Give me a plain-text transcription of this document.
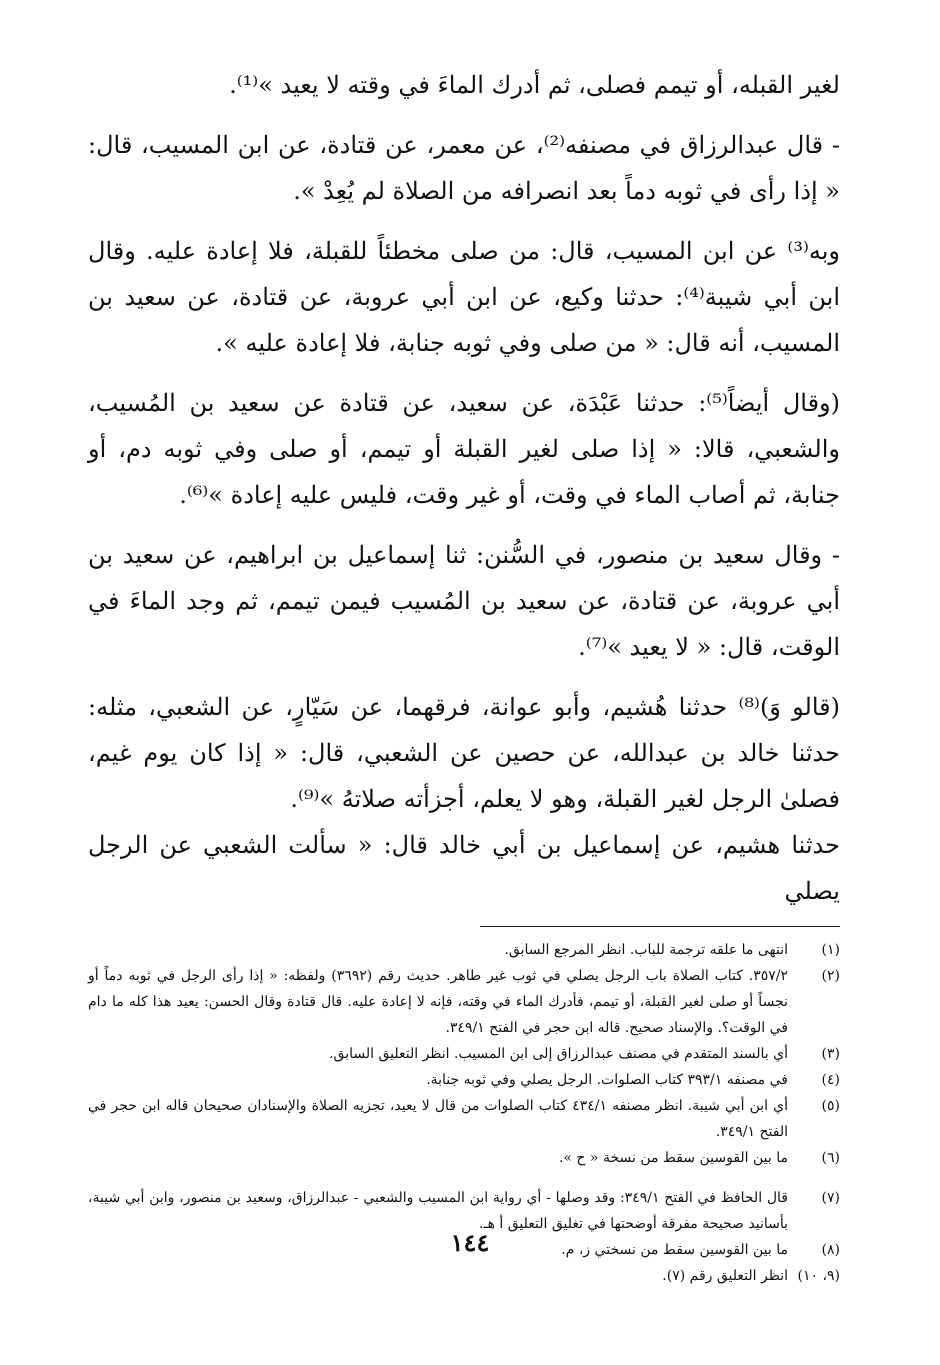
لغير القبله، أو تيمم فصلى، ثم أدرك الماءَ في وقته لا يعيد »⁽¹⁾.

- قال عبدالرزاق في مصنفه⁽²⁾، عن معمر، عن قتادة، عن ابن المسيب، قال: « إذا رأى في ثوبه دماً بعد انصرافه من الصلاة لم يُعِدْ ».

وبه⁽³⁾ عن ابن المسيب، قال: من صلى مخطئاً للقبلة، فلا إعادة عليه. وقال ابن أبي شيبة⁽⁴⁾: حدثنا وكيع، عن ابن أبي عروبة، عن قتادة، عن سعيد بن المسيب، أنه قال: « من صلى وفي ثوبه جنابة، فلا إعادة عليه ».

(وقال أيضاً⁽⁵⁾: حدثنا عَبْدَة، عن سعيد، عن قتادة عن سعيد بن المُسيب، والشعبي، قالا: « إذا صلى لغير القبلة أو تيمم، أو صلى وفي ثوبه دم، أو جنابة، ثم أصاب الماء في وقت، أو غير وقت، فليس عليه إعادة »⁽⁶⁾.

- وقال سعيد بن منصور، في السُّنن: ثنا إسماعيل بن ابراهيم، عن سعيد بن أبي عروبة، عن قتادة، عن سعيد بن المُسيب فيمن تيمم، ثم وجد الماءَ في الوقت، قال: « لا يعيد »⁽⁷⁾.

(قالو وَ)⁽⁸⁾ حدثنا هُشيم، وأبو عوانة، فرقهما، عن سَيّارٍ، عن الشعبي، مثله: حدثنا خالد بن عبدالله، عن حصين عن الشعبي، قال: « إذا كان يوم غيم، فصلىٰ الرجل لغير القبلة، وهو لا يعلم، أجزأته صلاتهُ »⁽⁹⁾.

حدثنا هشيم، عن إسماعيل بن أبي خالد قال: « سألت الشعبي عن الرجل يصلي

(١)
انتهى ما علقه ترجمة للباب. انظر المرجع السابق.
(٢)
٣٥٧/٢. كتاب الصلاة باب الرجل يصلي في ثوب غير طاهر. حديث رقم (٣٦٩٢) ولفظه: « إذا رأى الرجل في ثوبه دماً أو نجساً أو صلى لغير القبلة، أو تيمم، فأدرك الماء في وقته، فإنه لا إعادة عليه. قال قتادة وقال الحسن: يعيد هذا كله ما دام في الوقت؟. والإسناد صحيح. قاله ابن حجر في الفتح ٣٤٩/١.
(٣)
أي بالسند المتقدم في مصنف عبدالرزاق إلى ابن المسيب. انظر التعليق السابق.
(٤)
في مصنفه ٣٩٣/١ كتاب الصلوات. الرجل يصلي وفي ثوبه جنابة.
(٥)
أي ابن أبي شيبة. انظر مصنفه ٤٣٤/١ كتاب الصلوات من قال لا يعيد، تجزيه الصلاة والإسنادان صحيحان قاله ابن حجر في الفتح ٣٤٩/١.
(٦)
ما بين القوسين سقط من نسخة « ح ».
(٧)
قال الحافظ في الفتح ٣٤٩/١: وقد وصلها - أي رواية ابن المسيب والشعبي - عبدالرزاق، وسعيد بن منصور، وابن أبي شيبة، بأسانيد صحيحة مفرقة أوضحتها في تغليق التعليق أ هـ.
(٨)
ما بين القوسين سقط من نسختي ز، م.
(٩، ١٠)
انظر التعليق رقم (٧).
١٤٤
